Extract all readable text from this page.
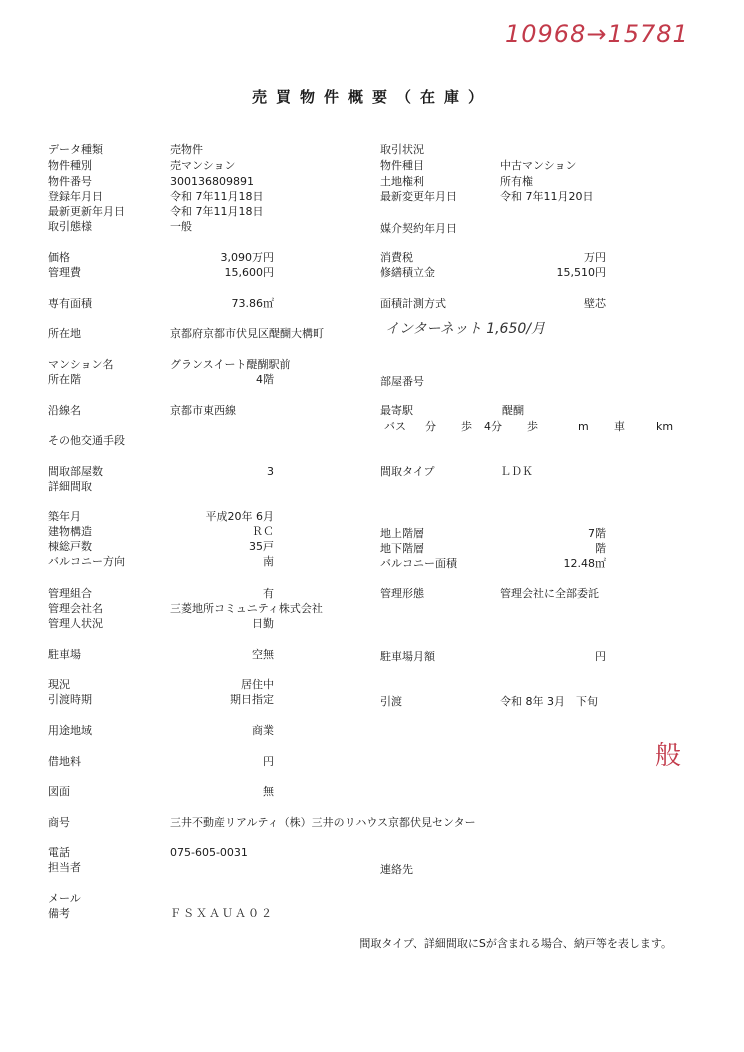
10968→15781
インターネット 1,650/月
般
売買物件概要（在庫）
データ種類	売物件	取引状況
物件種別	売マンション	物件種目	中古マンション
物件番号	300136809891	土地権利	所有権
登録年月日	令和 7年11月18日	最新変更年月日	令和 7年11月20日
最新更新年月日	令和 7年11月18日
取引態様	一般	媒介契約年月日
価格	3,090万円	消費税	万円
管理費	15,600円	修繕積立金	15,510円
専有面積	73.86㎡	面積計測方式	壁芯
所在地	京都府京都市伏見区醍醐大構町
マンション名	グランスイート醍醐駅前
所在階	4階	部屋番号
沿線名	京都市東西線	最寄駅	醍醐
バス 分 歩 4分 歩	m 車	km
その他交通手段
間取部屋数	3	間取タイプ	ＬＤＫ
詳細間取
築年月	平成20年 6月
建物構造	ＲＣ	地上階層	7階
棟総戸数	35戸	地下階層	階
バルコニー方向	南	バルコニー面積	12.48㎡
管理組合	有	管理形態	管理会社に全部委託
管理会社名	三菱地所コミュニティ株式会社
管理人状況	日勤
駐車場	空無	駐車場月額	円
現況	居住中
引渡時期	期日指定	引渡	令和 8年 3月　下旬
用途地域	商業
借地料	円
図面	無
商号	三井不動産リアルティ（株）三井のリハウス京都伏見センター
電話	075-605-0031
担当者	連絡先
メール
備考	ＦＳＸＡＵＡ０２
間取タイプ、詳細間取にSが含まれる場合、納戸等を表します。
